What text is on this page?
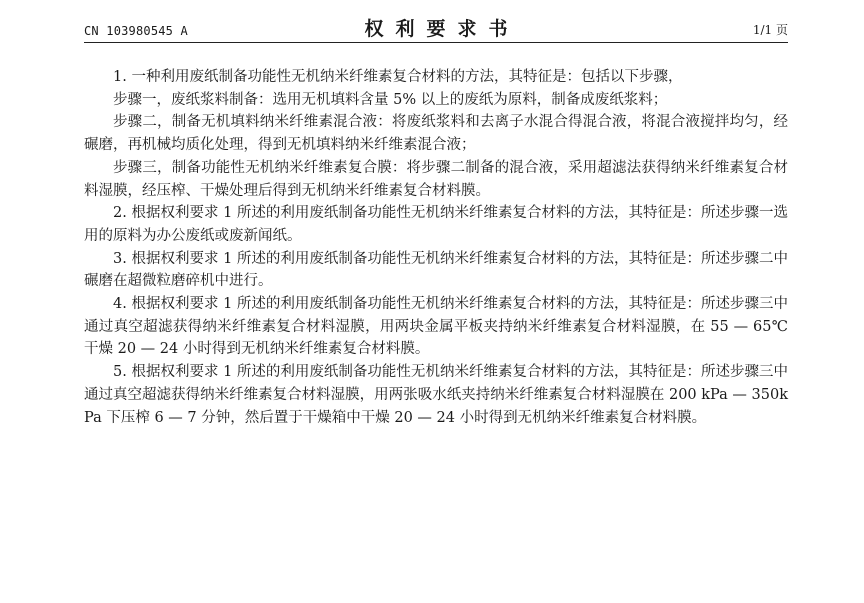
CN 103980545 A	权利要求书	1/1 页

1. 一种利用废纸制备功能性无机纳米纤维素复合材料的方法，其特征是：包括以下步骤，

步骤一，废纸浆料制备：选用无机填料含量 5% 以上的废纸为原料，制备成废纸浆料；

步骤二，制备无机填料纳米纤维素混合液：将废纸浆料和去离子水混合得混合液，将混合液搅拌均匀，经碾磨，再机械均质化处理，得到无机填料纳米纤维素混合液；

步骤三，制备功能性无机纳米纤维素复合膜：将步骤二制备的混合液，采用超滤法获得纳米纤维素复合材料湿膜，经压榨、干燥处理后得到无机纳米纤维素复合材料膜。

2. 根据权利要求 1 所述的利用废纸制备功能性无机纳米纤维素复合材料的方法，其特征是：所述步骤一选用的原料为办公废纸或废新闻纸。

3. 根据权利要求 1 所述的利用废纸制备功能性无机纳米纤维素复合材料的方法，其特征是：所述步骤二中碾磨在超微粒磨碎机中进行。

4. 根据权利要求 1 所述的利用废纸制备功能性无机纳米纤维素复合材料的方法，其特征是：所述步骤三中通过真空超滤获得纳米纤维素复合材料湿膜，用两块金属平板夹持纳米纤维素复合材料湿膜，在 55 — 65℃干燥 20 — 24 小时得到无机纳米纤维素复合材料膜。

5. 根据权利要求 1 所述的利用废纸制备功能性无机纳米纤维素复合材料的方法，其特征是：所述步骤三中通过真空超滤获得纳米纤维素复合材料湿膜，用两张吸水纸夹持纳米纤维素复合材料湿膜在 200 kPa — 350kPa 下压榨 6 — 7 分钟，然后置于干燥箱中干燥 20 — 24 小时得到无机纳米纤维素复合材料膜。
